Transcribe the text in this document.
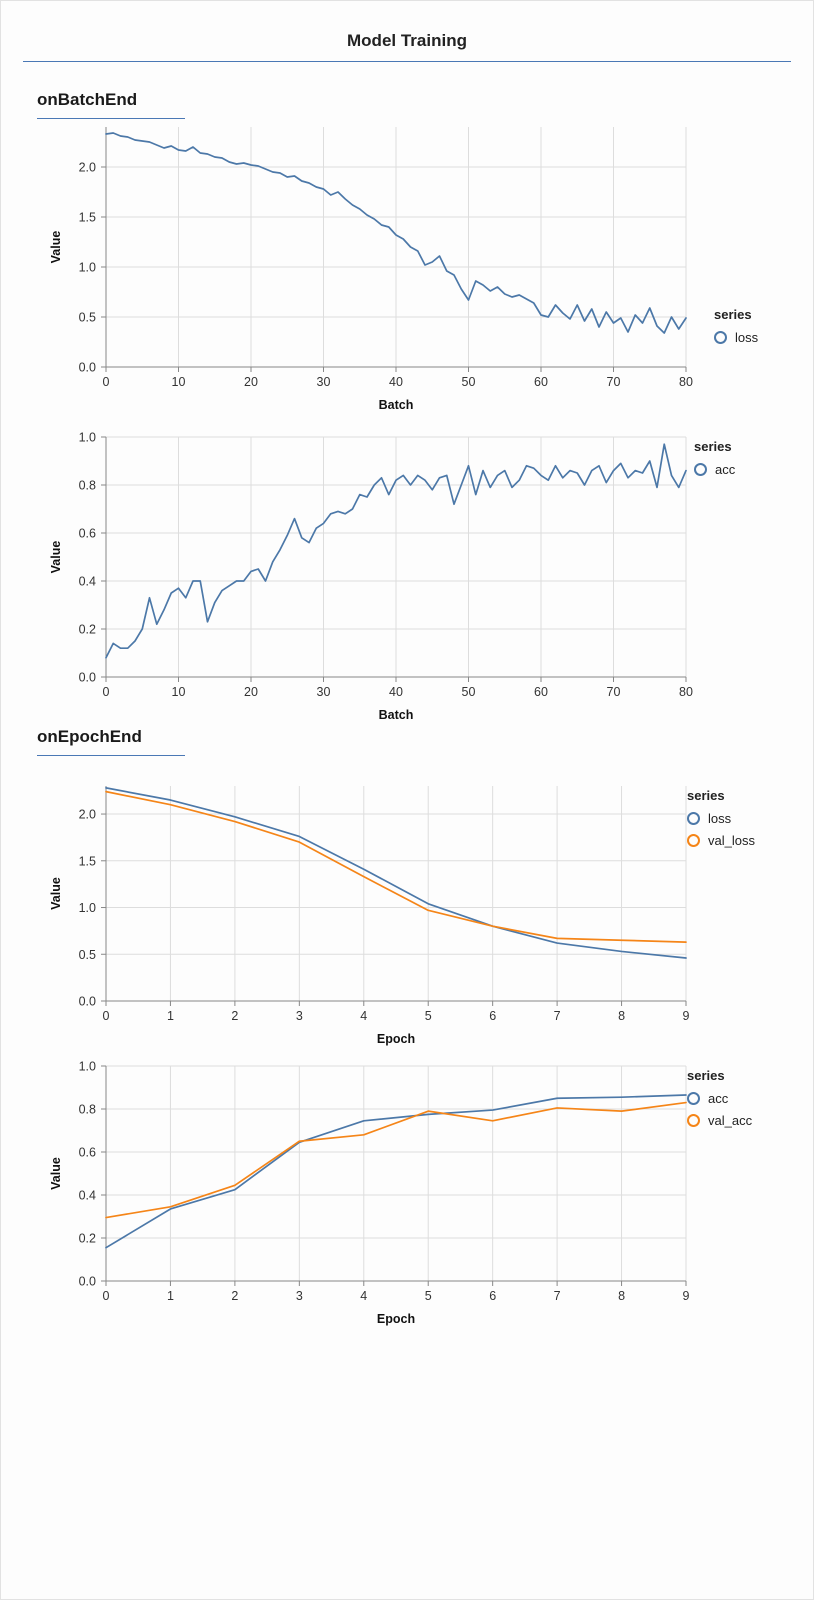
Model Training
onBatchEnd
0	10	20	30	40	50	60	70	80
0.0
0.5
1.0
1.5
2.0
Batch
Value
series
loss
0	10	20	30	40	50	60	70	80
0.0
0.2
0.4
0.6
0.8
1.0
Batch
Value
series
acc
onEpochEnd
0	1	2	3	4	5	6	7	8	9
0.0
0.5
1.0
1.5
2.0
Epoch
Value
series
loss
val_loss
0	1	2	3	4	5	6	7	8	9
0.0
0.2
0.4
0.6
0.8
1.0
Epoch
Value
series
acc
val_acc
